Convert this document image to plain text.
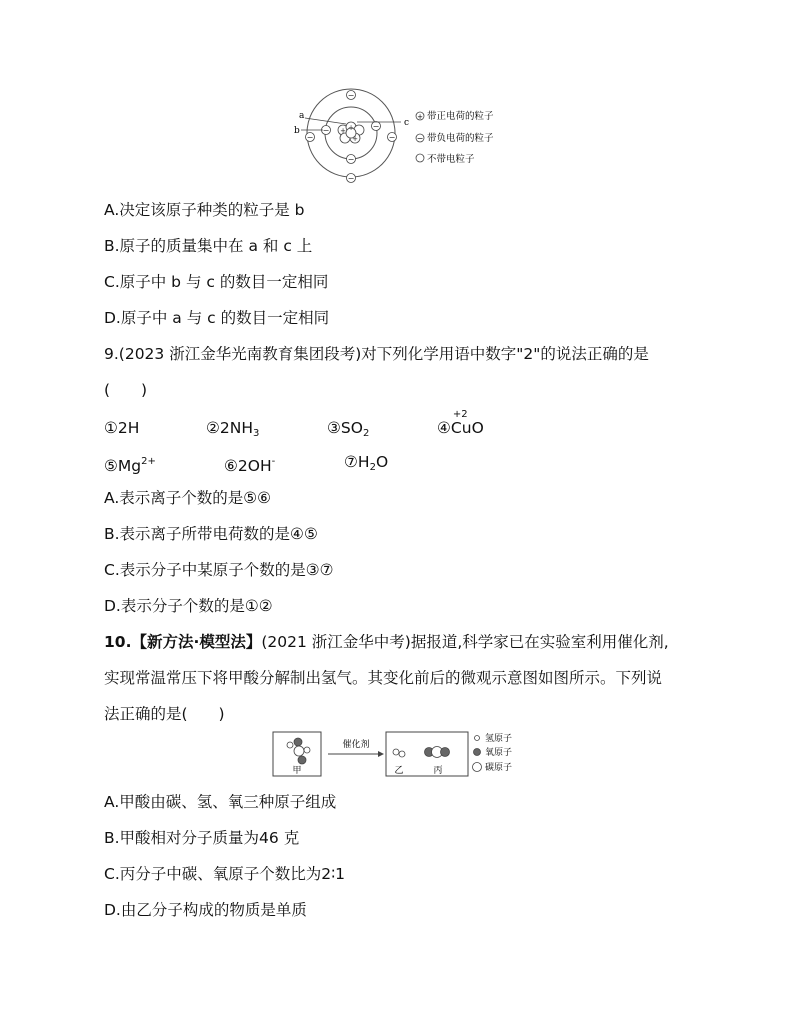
+
+
+
−
−	−
−
−	−
−
a
b
c
+ 带正电荷的粒子
− 带负电荷的粒子
不带电粒子
A.决定该原子种类的粒子是 b
B.原子的质量集中在 a 和 c 上
C.原子中 b 与 c 的数目一定相同
D.原子中 a 与 c 的数目一定相同
9.(2023 浙江金华光南教育集团段考)对下列化学用语中数字"2"的说法正确的是
(　　)
①2H	$②2NH_3$	$③SO_2$	④
+2
CuO
$⑤Mg^{2+}$	⑥2OH-	$⑦H_2O$
A.表示离子个数的是⑤⑥
B.表示离子所带电荷数的是④⑤
C.表示分子中某原子个数的是③⑦
D.表示分子个数的是①②
10.【新方法·模型法】(2021 浙江金华中考)据报道,科学家已在实验室利用催化剂,
实现常温常压下将甲酸分解制出氢气。其变化前后的微观示意图如图所示。下列说
法正确的是(　　)
甲
催化剂
乙	丙
氢原子
氧原子
碳原子
A.甲酸由碳、氢、氧三种原子组成
B.甲酸相对分子质量为46 克
C.丙分子中碳、氧原子个数比为2∶1
D.由乙分子构成的物质是单质
